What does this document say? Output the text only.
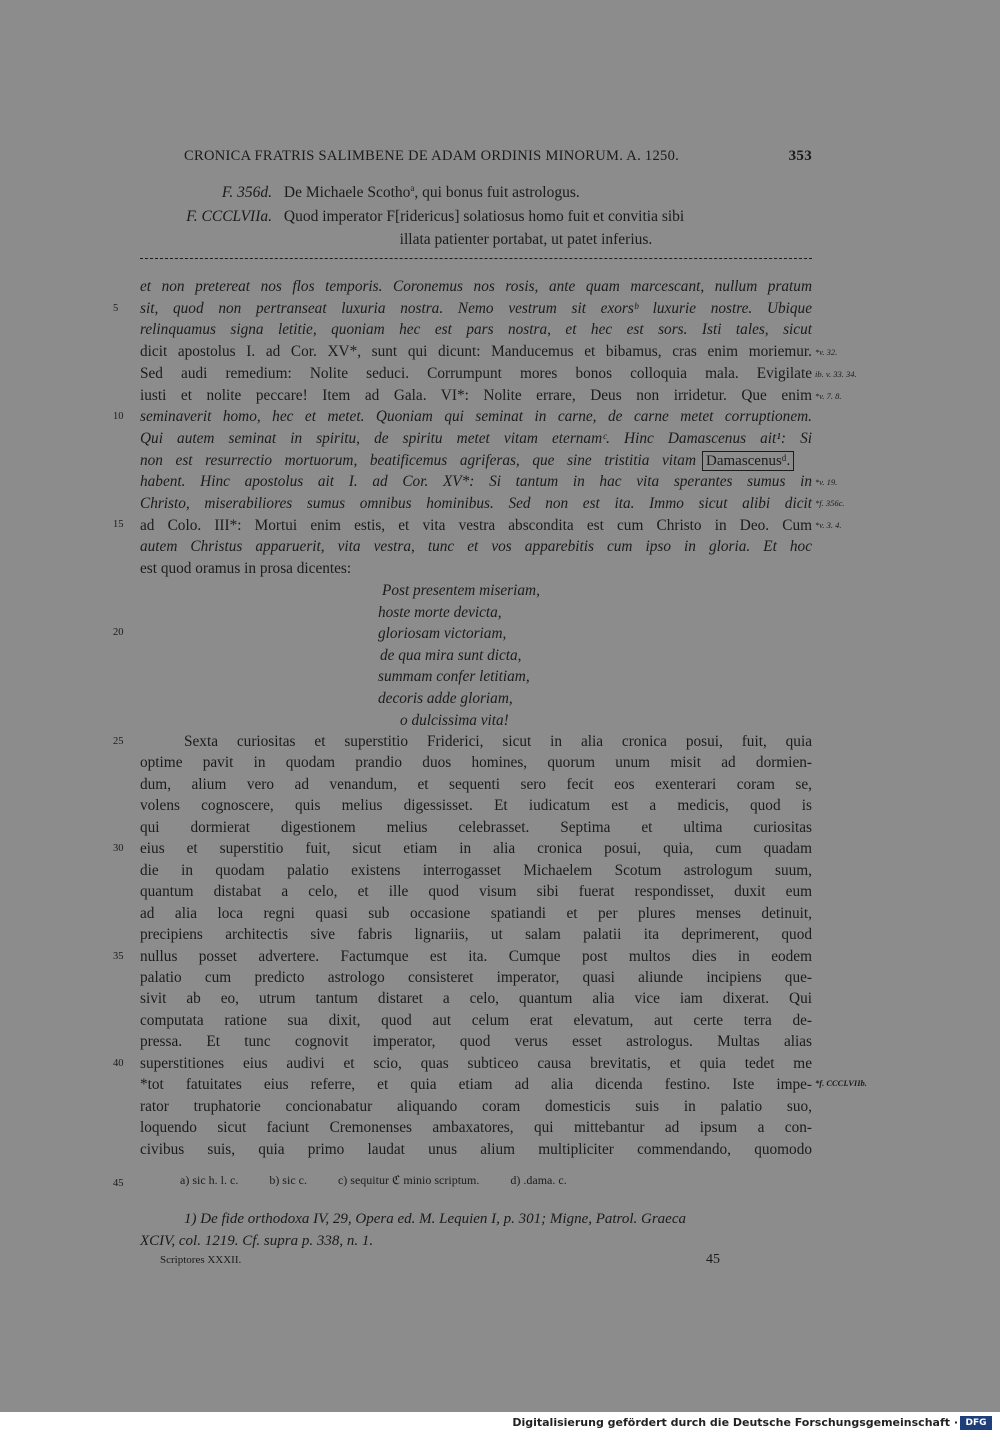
CRONICA FRATRIS SALIMBENE DE ADAM ORDINIS MINORUM. A. 1250.	353
F. 356d. De Michaele Scotho$^a$, qui bonus fuit astrologus.
F. CCCLVIIa. Quod imperator F[ridericus] solatiosus homo fuit et convitia sibi
illata patienter portabat, ut patet inferius.
et non pretereat nos flos temporis. Coronemus nos rosis, ante quam marcescant, nullum pratum
sit, quod non pertranseat luxuria nostra. Nemo vestrum sit exorsᵇ luxurie nostre. Ubique
relinquamus signa letitie, quoniam hec est pars nostra, et hec est sors. Isti tales, sicut
dicit apostolus I. ad Cor. XV*, sunt qui dicunt: Manducemus et bibamus, cras enim moriemur.
Sed audi remedium: Nolite seduci. Corrumpunt mores bonos colloquia mala. Evigilate
iusti et nolite peccare! Item ad Gala. VI*: Nolite errare, Deus non irridetur. Que enim
seminaverit homo, hec et metet. Quoniam qui seminat in carne, de carne metet corruptionem.
Qui autem seminat in spiritu, de spiritu metet vitam eternamᶜ. Hinc Damascenus ait¹: Si
non est resurrectio mortuorum, beatificemus agriferas, que sine tristitia vitam
habent. Hinc apostolus ait I. ad Cor. XV*: Si tantum in hac vita sperantes sumus in
Christo, miserabiliores sumus omnibus hominibus. Sed non est ita. Immo sicut alibi dicit
ad Colo. III*: Mortui enim estis, et vita vestra abscondita est cum Christo in Deo. Cum
autem Christus apparuerit, vita vestra, tunc et vos apparebitis cum ipso in gloria. Et hoc
est quod oramus in prosa dicentes:
Damascenusᵈ.
Post presentem miseriam,
hoste morte devicta,
gloriosam victoriam,
de qua mira sunt dicta,
summam confer letitiam,
decoris adde gloriam,
o dulcissima vita!
Sexta curiositas et superstitio Friderici, sicut in alia cronica posui, fuit, quia
optime pavit in quodam prandio duos homines, quorum unum misit ad dormien-
dum, alium vero ad venandum, et sequenti sero fecit eos exenterari coram se,
volens cognoscere, quis melius digessisset. Et iudicatum est a medicis, quod is
qui dormierat digestionem melius celebrasset. Septima et ultima curiositas
eius et superstitio fuit, sicut etiam in alia cronica posui, quia, cum quadam
die in quodam palatio existens interrogasset Michaelem Scotum astrologum suum,
quantum distabat a celo, et ille quod visum sibi fuerat respondisset, duxit eum
ad alia loca regni quasi sub occasione spatiandi et per plures menses detinuit,
precipiens architectis sive fabris lignariis, ut salam palatii ita deprimerent, quod
nullus posset advertere. Factumque est ita. Cumque post multos dies in eodem
palatio cum predicto astrologo consisteret imperator, quasi aliunde incipiens que-
sivit ab eo, utrum tantum distaret a celo, quantum alia vice iam dixerat. Qui
computata ratione sua dixit, quod aut celum erat elevatum, aut certe terra de-
pressa. Et tunc cognovit imperator, quod verus esset astrologus. Multas alias
superstitiones eius audivi et scio, quas subticeo causa brevitatis, et quia tedet me
*tot fatuitates eius referre, et quia etiam ad alia dicenda festino. Iste impe-
rator truphatorie concionabatur aliquando coram domesticis suis in palatio suo,
loquendo sicut faciunt Cremonenses ambaxatores, qui mittebantur ad ipsum a con-
civibus suis, quia primo laudat unus alium multipliciter commendando, quomodo
5
10
15
20
25
30
35
40
45
*v. 32.
ib. v. 33. 34.
*v. 7. 8.
*v. 19.
*f. 356c.
*v. 3. 4.
*f. CCCLVIIb.
a) sic h. l. c.	b) sic c.	c) sequitur ℭ minio scriptum.	d) .dama. c.
1) De fide orthodoxa IV, 29, Opera ed. M. Lequien I, p. 301; Migne, Patrol. Graeca
XCIV, col. 1219. Cf. supra p. 338, n. 1.
Scriptores XXXII.	45
Digitalisierung gefördert durch die Deutsche Forschungsgemeinschaft · DFG
